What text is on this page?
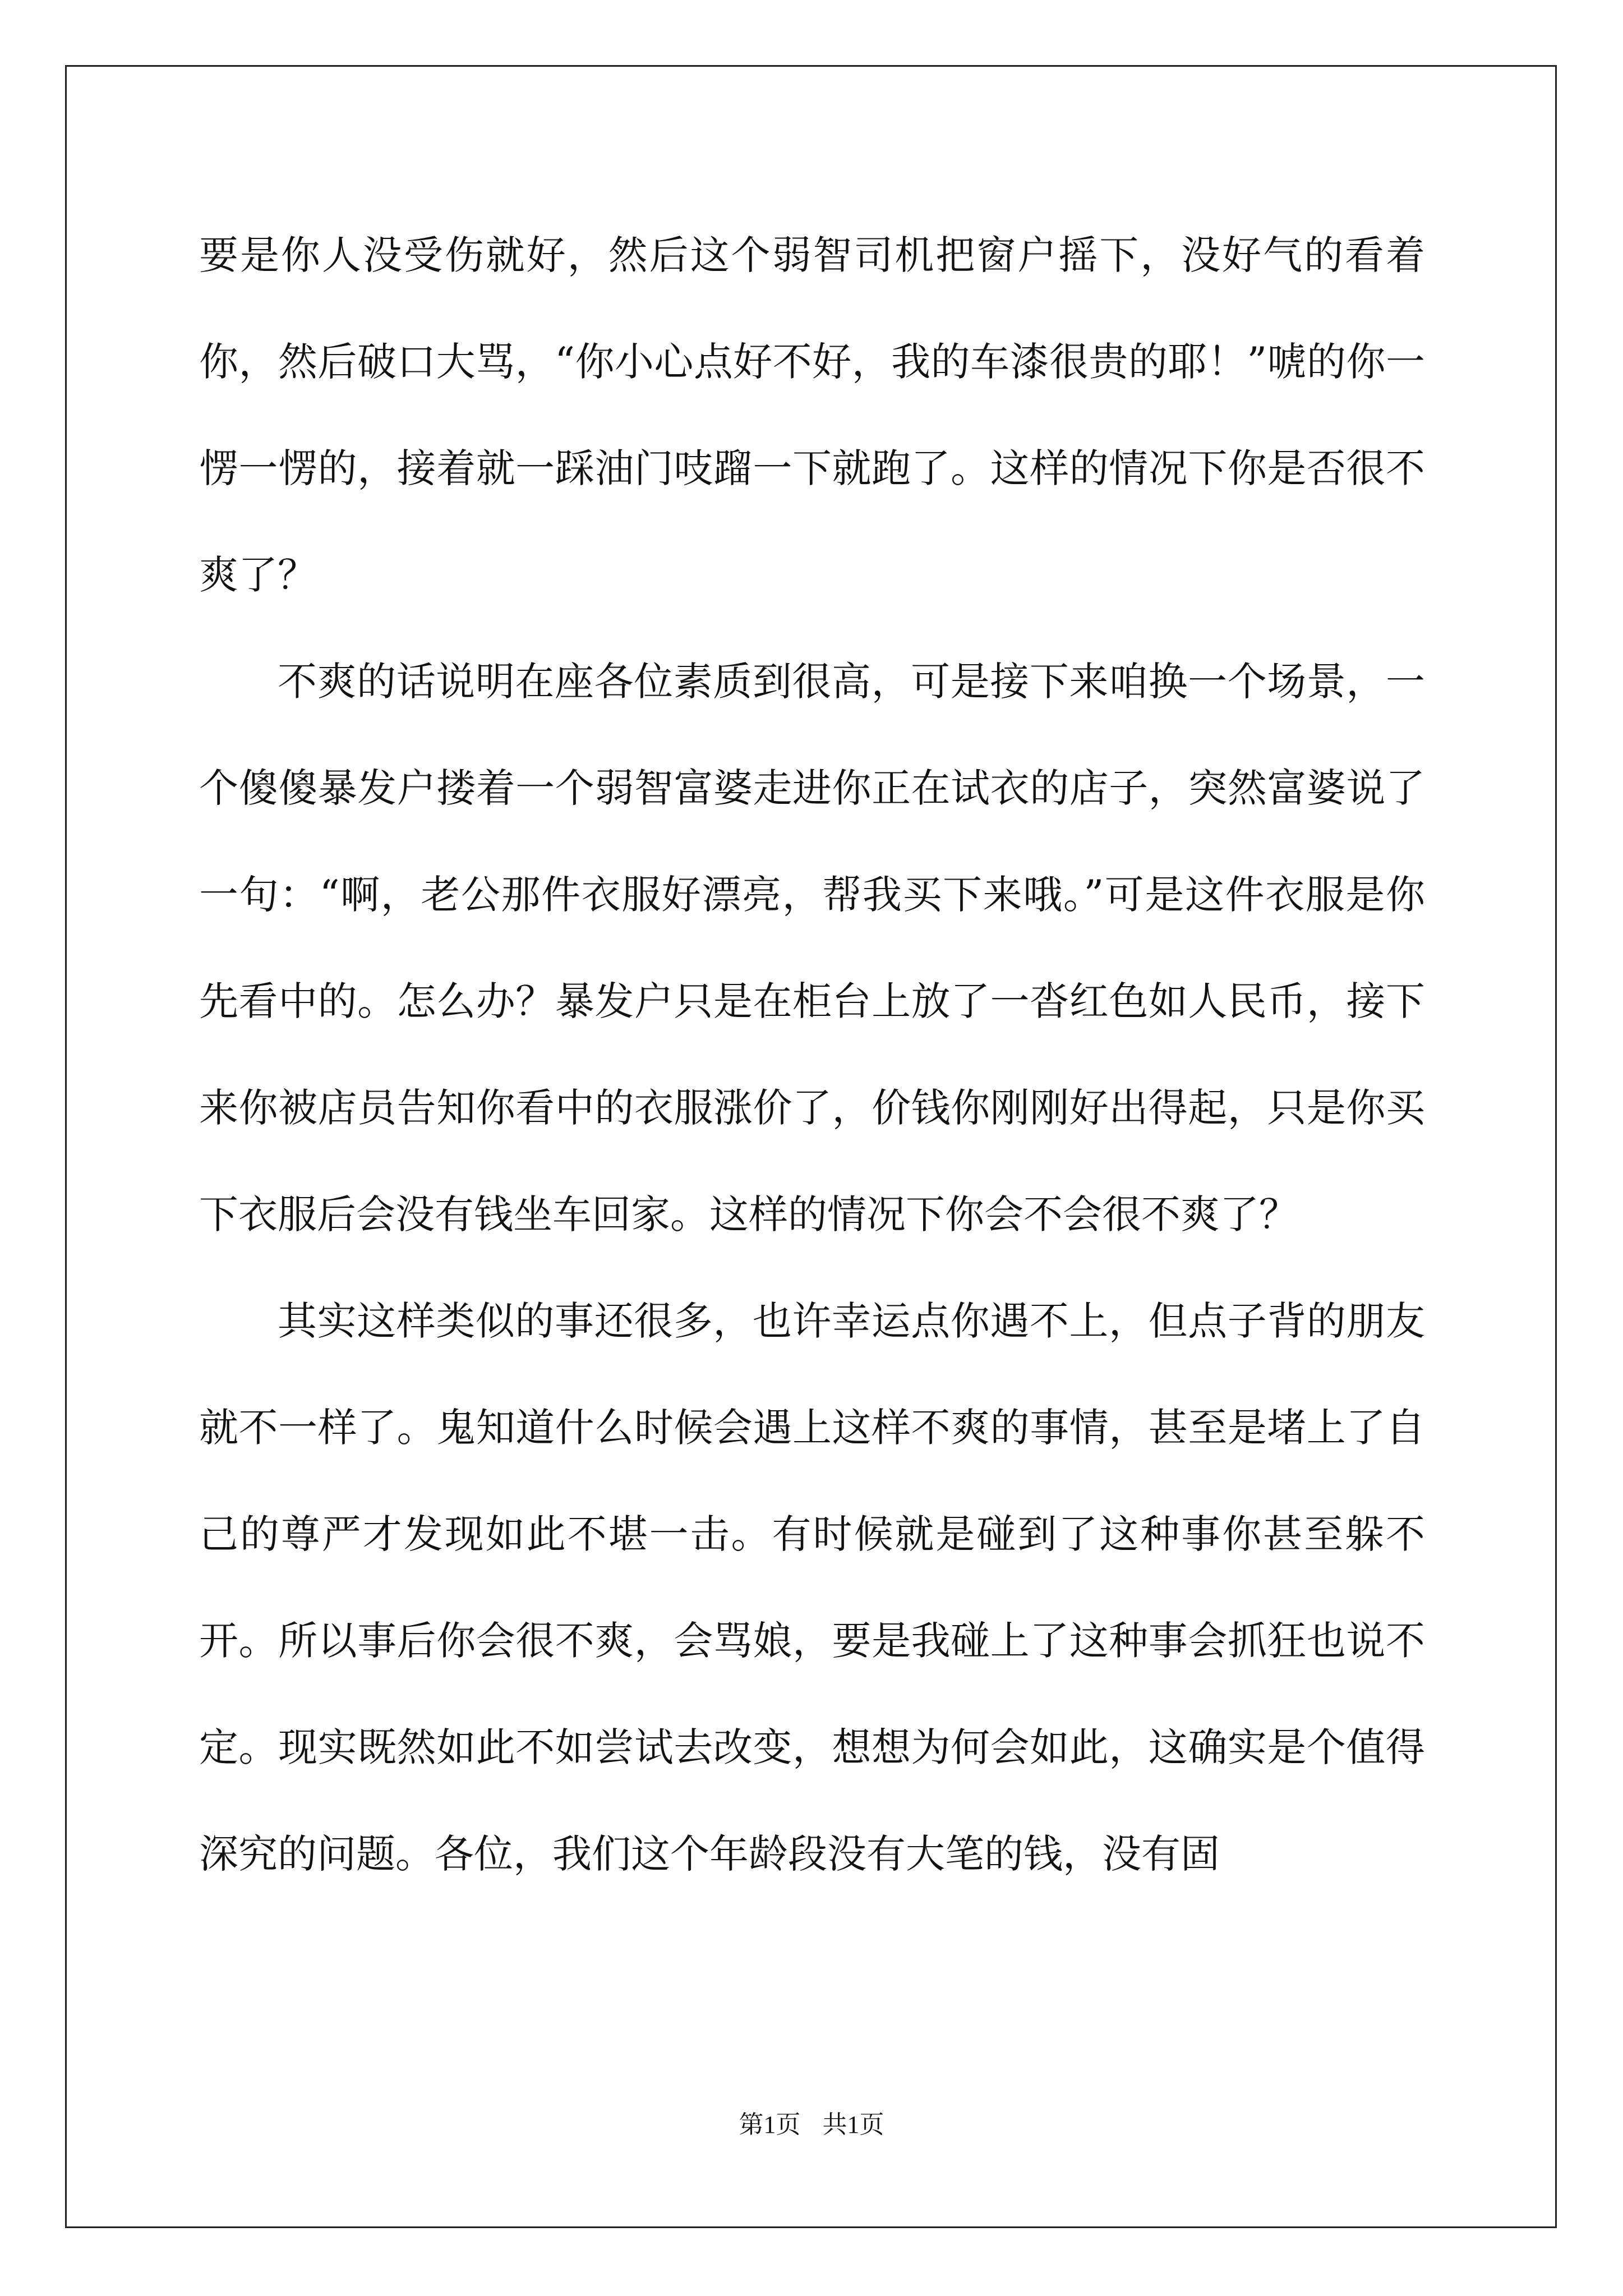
要是你人没受伤就好，然后这个弱智司机把窗户摇下，没好气的看着你，然后破口大骂，“你小心点好不好，我的车漆很贵的耶！”唬的你一愣一愣的，接着就一踩油门吱蹓一下就跑了。这样的情况下你是否很不爽了？

不爽的话说明在座各位素质到很高，可是接下来咱换一个场景，一个傻傻暴发户搂着一个弱智富婆走进你正在试衣的店子，突然富婆说了一句：“啊，老公那件衣服好漂亮，帮我买下来哦。”可是这件衣服是你先看中的。怎么办？暴发户只是在柜台上放了一沓红色如人民币，接下来你被店员告知你看中的衣服涨价了，价钱你刚刚好出得起，只是你买下衣服后会没有钱坐车回家。这样的情况下你会不会很不爽了？

其实这样类似的事还很多，也许幸运点你遇不上，但点子背的朋友就不一样了。鬼知道什么时候会遇上这样不爽的事情，甚至是堵上了自己的尊严才发现如此不堪一击。有时候就是碰到了这种事你甚至躲不开。所以事后你会很不爽，会骂娘，要是我碰上了这种事会抓狂也说不定。现实既然如此不如尝试去改变，想想为何会如此，这确实是个值得深究的问题。各位，我们这个年龄段没有大笔的钱，没有固

第1页 共1页
